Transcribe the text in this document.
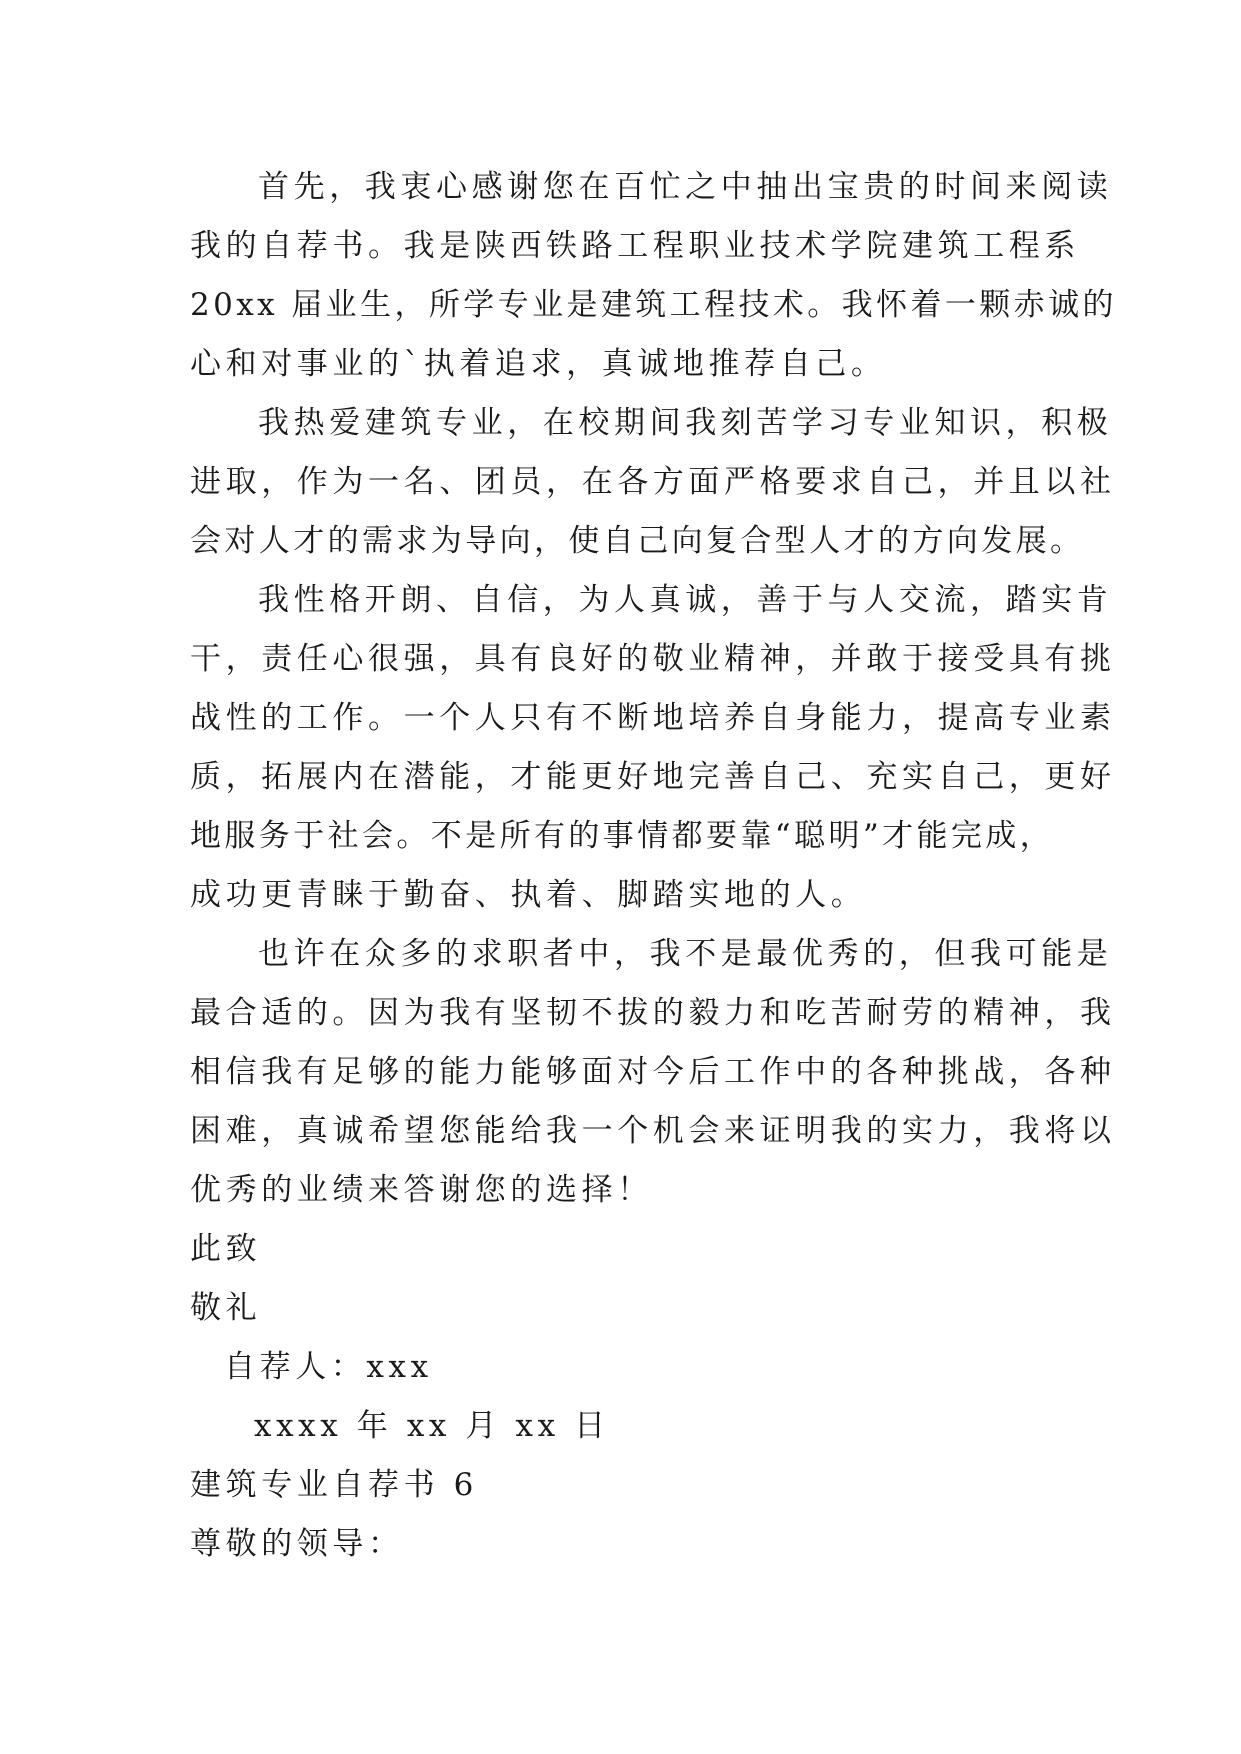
首先，我衷心感谢您在百忙之中抽出宝贵的时间来阅读
我的自荐书。我是陕西铁路工程职业技术学院建筑工程系
20xx 届业生，所学专业是建筑工程技术。我怀着一颗赤诚的
心和对事业的`执着追求，真诚地推荐自己。
我热爱建筑专业，在校期间我刻苦学习专业知识，积极
进取，作为一名、团员，在各方面严格要求自己，并且以社
会对人才的需求为导向，使自己向复合型人才的方向发展。
我性格开朗、自信，为人真诚，善于与人交流，踏实肯
干，责任心很强，具有良好的敬业精神，并敢于接受具有挑
战性的工作。一个人只有不断地培养自身能力，提高专业素
质，拓展内在潜能，才能更好地完善自己、充实自己，更好
地服务于社会。不是所有的事情都要靠“聪明”才能完成，
成功更青睐于勤奋、执着、脚踏实地的人。
也许在众多的求职者中，我不是最优秀的，但我可能是
最合适的。因为我有坚韧不拔的毅力和吃苦耐劳的精神，我
相信我有足够的能力能够面对今后工作中的各种挑战，各种
困难，真诚希望您能给我一个机会来证明我的实力，我将以
优秀的业绩来答谢您的选择！
此致
敬礼
自荐人：xxx
xxxx 年 xx 月 xx 日
建筑专业自荐书 6
尊敬的领导：
